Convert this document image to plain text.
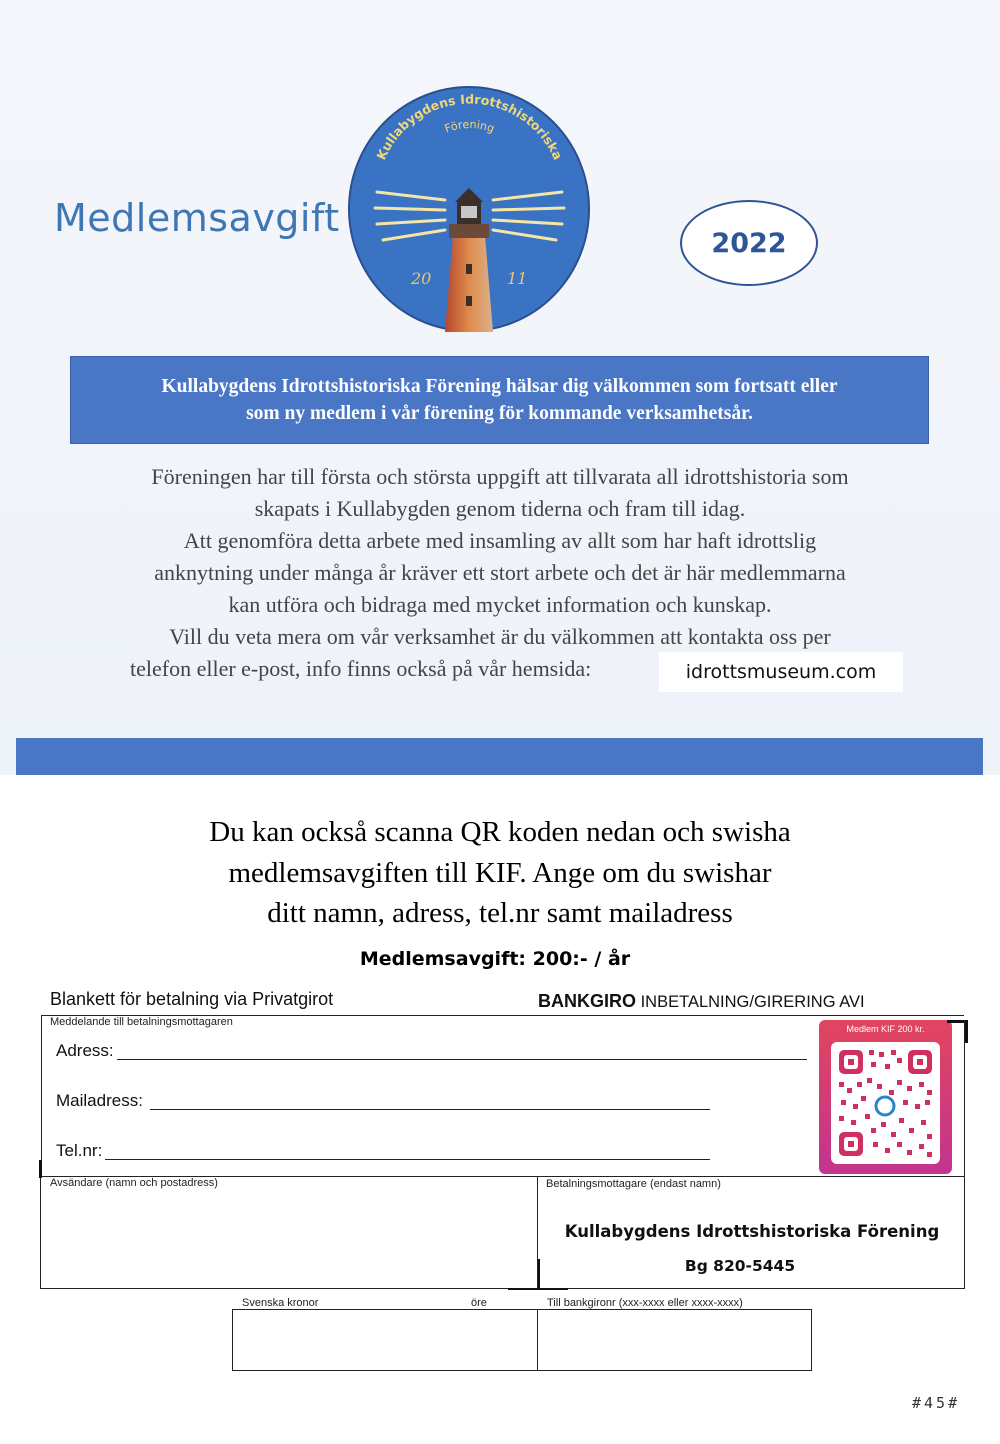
Medlemsavgift
Kullabygdens Idrottshistoriska
Förening
20	11
2022
Kullabygdens Idrottshistoriska Förening hälsar dig välkommen som fortsatt eller
som ny medlem i vår förening för kommande verksamhetsår.
Föreningen har till första och största uppgift att tillvarata all idrottshistoria som
skapats i Kullabygden genom tiderna och fram till idag.
Att genomföra detta arbete med insamling av allt som har haft idrottslig
anknytning under många år kräver ett stort arbete och det är här medlemmarna
kan utföra och bidraga med mycket information och kunskap.
Vill du veta mera om vår verksamhet är du välkommen att kontakta oss per
telefon eller e-post, info finns också på vår hemsida:	idrottsmuseum.com
Du kan också scanna QR koden nedan och swisha
medlemsavgiften till KIF. Ange om du swishar
ditt namn, adress, tel.nr samt mailadress
Medlemsavgift: 200:- / år
Blankett för betalning via Privatgirot	BANKGIRO INBETALNING/GIRERING AVI
Meddelande till betalningsmottagaren
Adress:
Mailadress:
Tel.nr:
Medlem KIF 200 kr.
Avsändare (namn och postadress)	Betalningsmottagare (endast namn)
Kullabygdens Idrottshistoriska Förening
Bg 820-5445
Svenska kronor	öre	Till bankgironr (xxx-xxxx eller xxxx-xxxx)
#45#
